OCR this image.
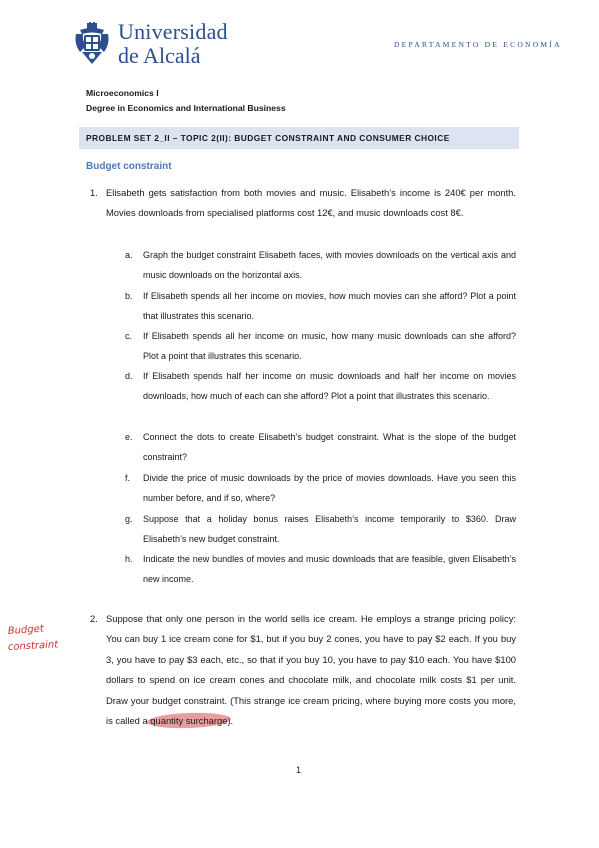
Universidad
de Alcalá	DEPARTAMENTO DE ECONOMÍA
Microeconomics I
Degree in Economics and International Business
PROBLEM SET 2_II – TOPIC 2(II): BUDGET CONSTRAINT AND CONSUMER CHOICE
Budget constraint
1. Elisabeth gets satisfaction from both movies and music. Elisabeth’s income is 240€ per month. Movies downloads from specialised platforms cost 12€, and music downloads cost 8€.
a. Graph the budget constraint Elisabeth faces, with movies downloads on the vertical axis and music downloads on the horizontal axis.
b. If Elisabeth spends all her income on movies, how much movies can she afford? Plot a point that illustrates this scenario.
c. If Elisabeth spends all her income on music, how many music downloads can she afford? Plot a point that illustrates this scenario.
d. If Elisabeth spends half her income on music downloads and half her income on movies downloads, how much of each can she afford? Plot a point that illustrates this scenario.
e. Connect the dots to create Elisabeth’s budget constraint. What is the slope of the budget constraint?
f. Divide the price of music downloads by the price of movies downloads. Have you seen this number before, and if so, where?
g. Suppose that a holiday bonus raises Elisabeth’s income temporarily to $360. Draw Elisabeth’s new budget constraint.
h. Indicate the new bundles of movies and music downloads that are feasible, given Elisabeth’s new income.
Budget
constraint
2. Suppose that only one person in the world sells ice cream. He employs a strange pricing policy: You can buy 1 ice cream cone for $1, but if you buy 2 cones, you have to pay $2 each. If you buy 3, you have to pay $3 each, etc., so that if you buy 10, you have to pay $10 each. You have $100 dollars to spend on ice cream cones and chocolate milk, and chocolate milk costs $1 per unit. Draw your budget constraint. (This strange ice cream pricing, where buying more costs you more, is called a quantity surcharge).
1
